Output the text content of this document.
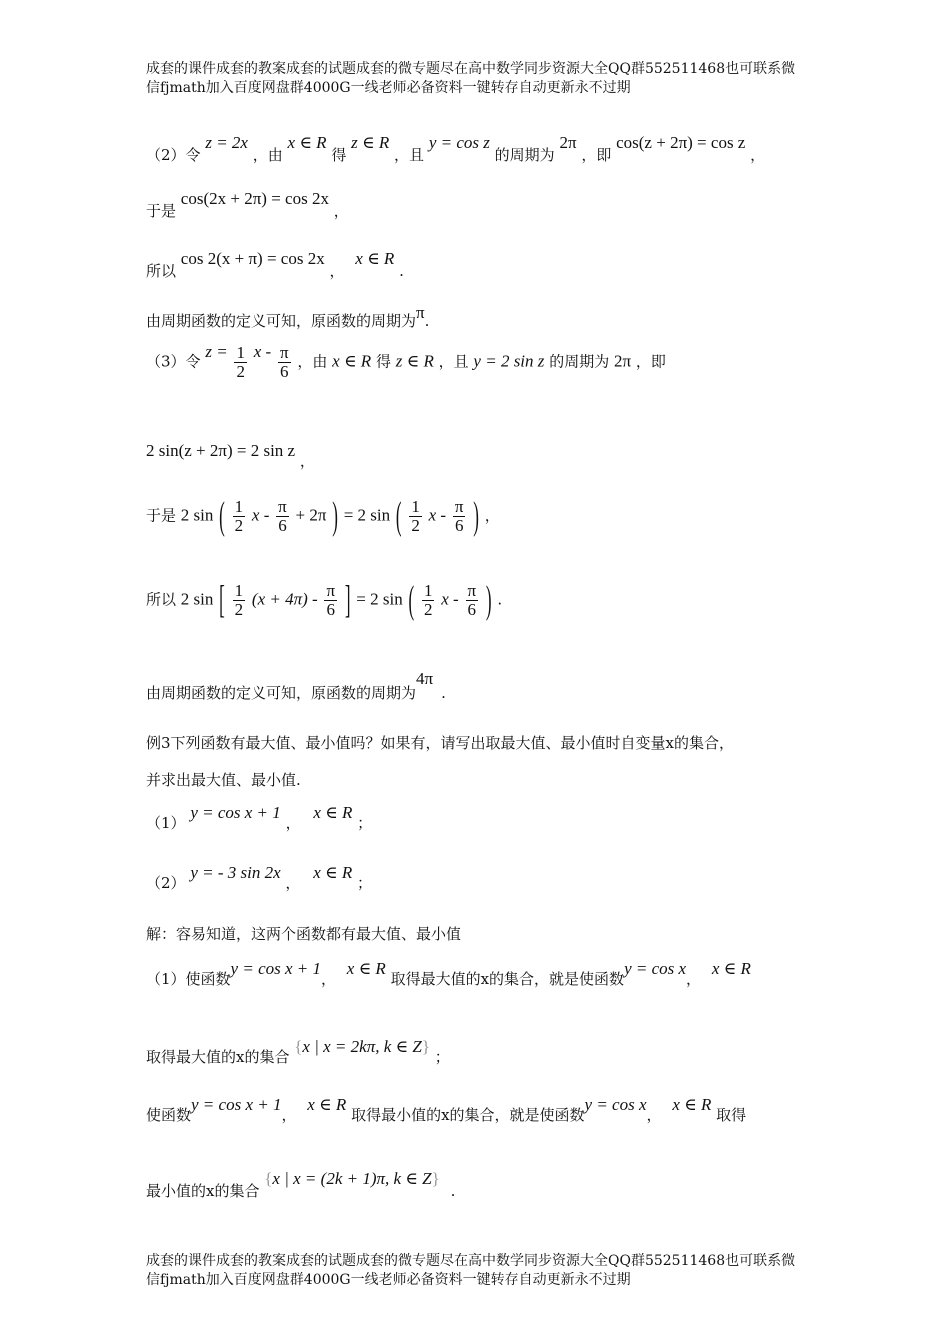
成套的课件成套的教案成套的试题成套的微专题尽在高中数学同步资源大全QQ群552511468也可联系微
信fjmath加入百度网盘群4000G一线老师必备资料一键转存自动更新永不过期
（2）令 z = 2x ，由 x ∈ R 得 z ∈ R ，且 y = cos z 的周期为 2π ，即 cos(z + 2π) = cos z ，
于是 cos(2x + 2π) = cos 2x ，
所以 cos 2(x + π) = cos 2x ， x ∈ R .
由周期函数的定义可知，原函数的周期为π.
（3）令 $z = \frac{1}{2}$ x - $\frac{\pi}{6}$ ，由 x ∈ R 得 z ∈ R ，且 y = 2 sin z 的周期为 2π ，即
2 sin(z + 2π) = 2 sin z ，
于是 2 sin ( $\frac{1}{2}$ $x - \frac{\pi}{6} + 2\pi$ ) = 2 sin ( $\frac{1}{2}$ x - $\frac{\pi}{6}$ ) ，
所以 2 sin [ $\frac{1}{2} (x + 4\pi) - \frac{\pi}{6}$ ] = 2 sin ( $\frac{1}{2}$ x - $\frac{\pi}{6}$ ) .
由周期函数的定义可知，原函数的周期为4π.
例3下列函数有最大值、最小值吗？如果有，请写出取最大值、最小值时自变量x的集合，
并求出最大值、最小值.
（1） y = cos x + 1 ， x ∈ R ；
（2） y = - 3 sin 2x ， x ∈ R ；
解：容易知道，这两个函数都有最大值、最小值
（1）使函数y = cos x + 1， x ∈ R 取得最大值的x的集合，就是使函数y = cos x， x ∈ R
取得最大值的x的集合 {x | x = 2kπ, k ∈ Z} ；
使函数y = cos x + 1， x ∈ R 取得最小值的x的集合，就是使函数y = cos x， x ∈ R 取得
最小值的x的集合 {x | x = (2k + 1)π, k ∈ Z} .
成套的课件成套的教案成套的试题成套的微专题尽在高中数学同步资源大全QQ群552511468也可联系微
信fjmath加入百度网盘群4000G一线老师必备资料一键转存自动更新永不过期
